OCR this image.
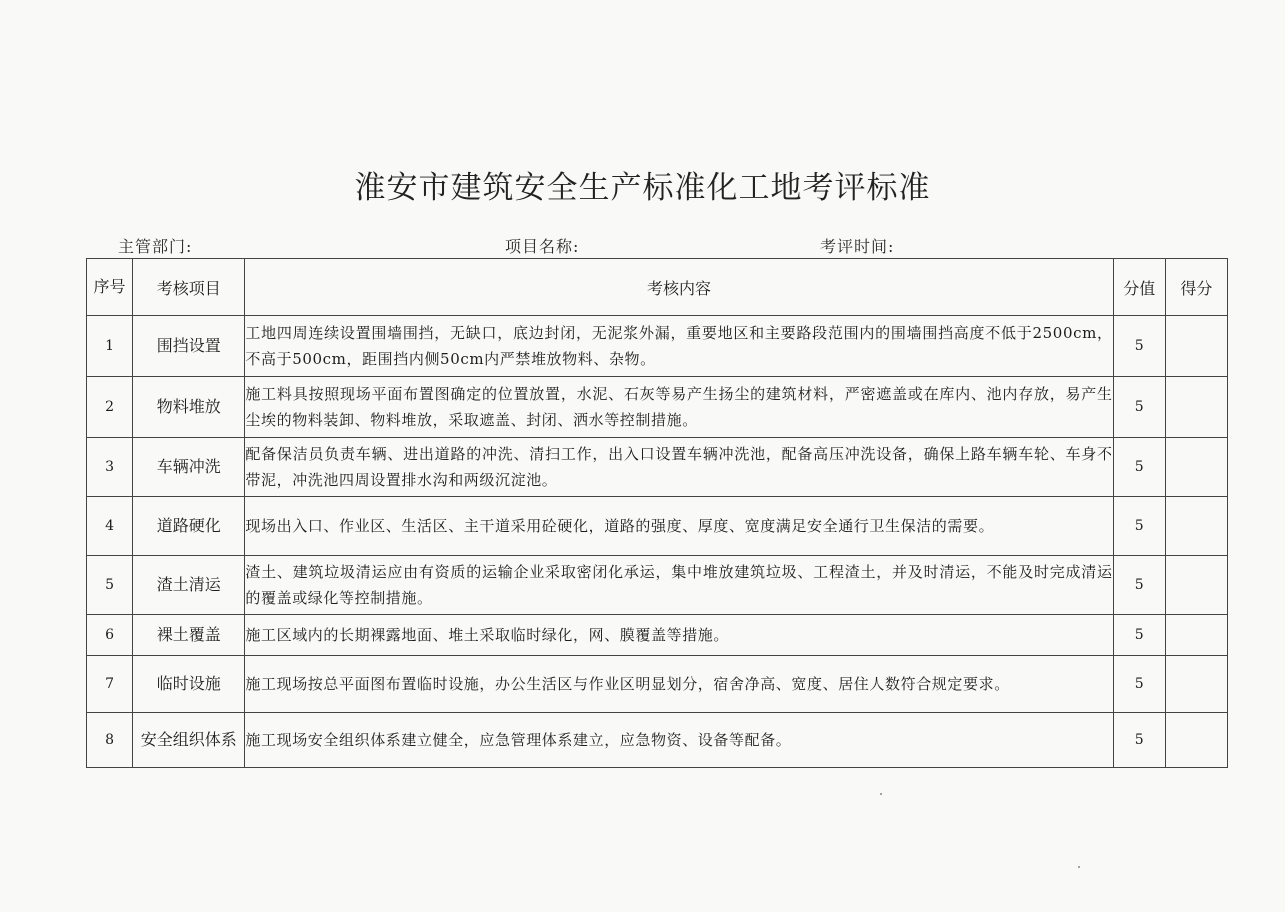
淮安市建筑安全生产标准化工地考评标准
主管部门:	项目名称:	考评时间:
序号	考核项目	考核内容	分值	得分
1	围挡设置	工地四周连续设置围墙围挡，无缺口，底边封闭，无泥浆外漏，重要地区和主要路段范围内的围墙围挡高度不低于2500cm，不高于500cm，距围挡内侧50cm内严禁堆放物料、杂物。	5	
2	物料堆放	施工料具按照现场平面布置图确定的位置放置，水泥、石灰等易产生扬尘的建筑材料，严密遮盖或在库内、池内存放，易产生尘埃的物料装卸、物料堆放，采取遮盖、封闭、洒水等控制措施。	5	
3	车辆冲洗	配备保洁员负责车辆、进出道路的冲洗、清扫工作，出入口设置车辆冲洗池，配备高压冲洗设备，确保上路车辆车轮、车身不带泥，冲洗池四周设置排水沟和两级沉淀池。	5	
4	道路硬化	现场出入口、作业区、生活区、主干道采用砼硬化，道路的强度、厚度、宽度满足安全通行卫生保洁的需要。	5	
5	渣土清运	渣土、建筑垃圾清运应由有资质的运输企业采取密闭化承运，集中堆放建筑垃圾、工程渣土，并及时清运，不能及时完成清运的覆盖或绿化等控制措施。	5	
6	裸土覆盖	施工区域内的长期裸露地面、堆土采取临时绿化，网、膜覆盖等措施。	5	
7	临时设施	施工现场按总平面图布置临时设施，办公生活区与作业区明显划分，宿舍净高、宽度、居住人数符合规定要求。	5	
8	安全组织体系	施工现场安全组织体系建立健全，应急管理体系建立，应急物资、设备等配备。	5	
